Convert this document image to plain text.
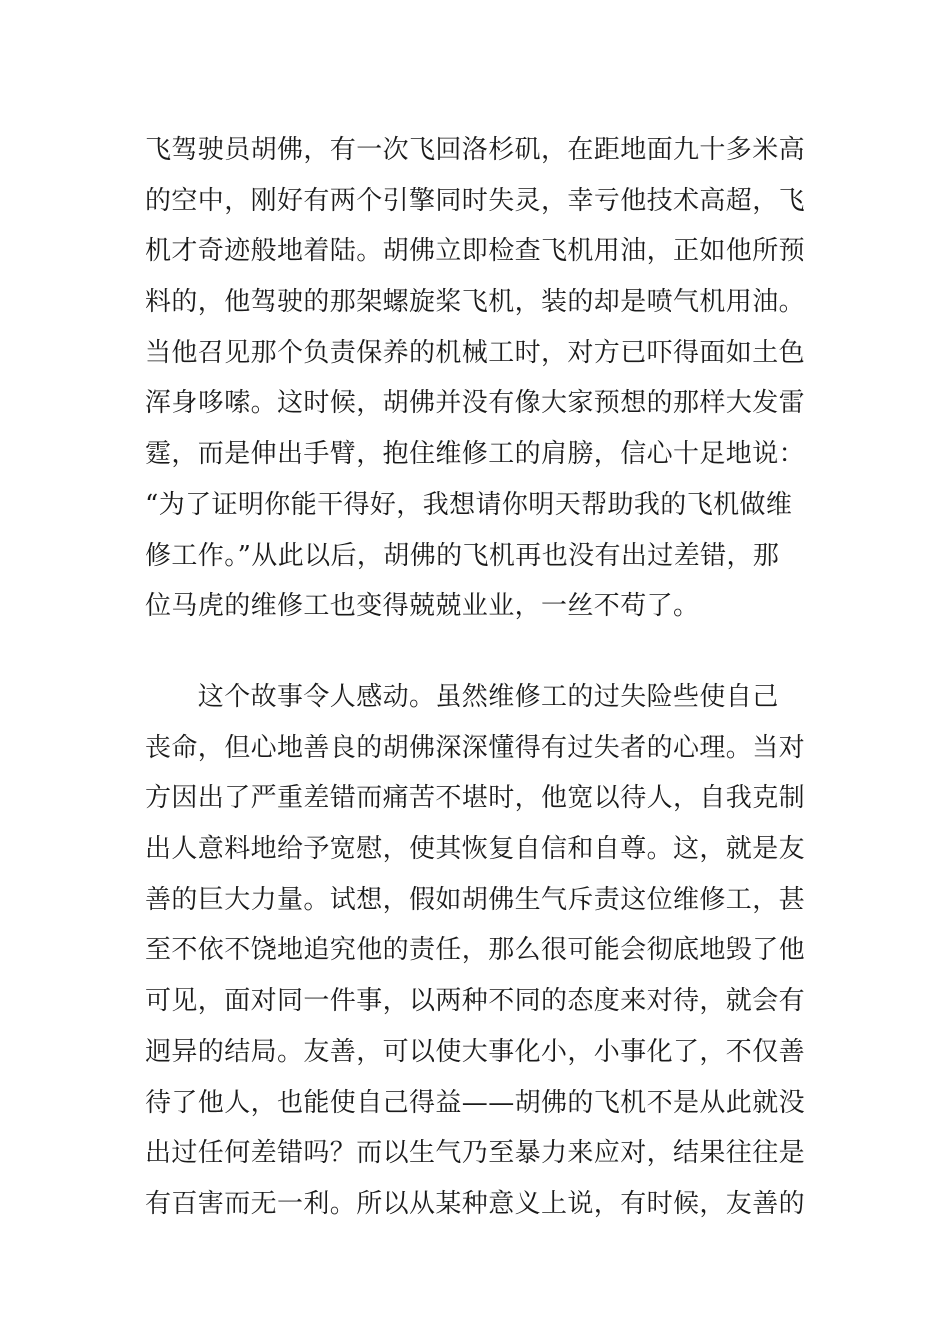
飞驾驶员胡佛，有一次飞回洛杉矶，在距地面九十多米高
的空中，刚好有两个引擎同时失灵，幸亏他技术高超，飞
机才奇迹般地着陆。胡佛立即检查飞机用油，正如他所预
料的，他驾驶的那架螺旋桨飞机，装的却是喷气机用油。
当他召见那个负责保养的机械工时，对方已吓得面如土色
浑身哆嗦。这时候，胡佛并没有像大家预想的那样大发雷
霆，而是伸出手臂，抱住维修工的肩膀，信心十足地说：
“为了证明你能干得好，我想请你明天帮助我的飞机做维
修工作。”从此以后，胡佛的飞机再也没有出过差错，那
位马虎的维修工也变得兢兢业业，一丝不苟了。
　　这个故事令人感动。虽然维修工的过失险些使自己
丧命，但心地善良的胡佛深深懂得有过失者的心理。当对
方因出了严重差错而痛苦不堪时，他宽以待人，自我克制
出人意料地给予宽慰，使其恢复自信和自尊。这，就是友
善的巨大力量。试想，假如胡佛生气斥责这位维修工，甚
至不依不饶地追究他的责任，那么很可能会彻底地毁了他
可见，面对同一件事，以两种不同的态度来对待，就会有
迥异的结局。友善，可以使大事化小，小事化了，不仅善
待了他人，也能使自己得益——胡佛的飞机不是从此就没
出过任何差错吗？而以生气乃至暴力来应对，结果往往是
有百害而无一利。所以从某种意义上说，有时候，友善的
